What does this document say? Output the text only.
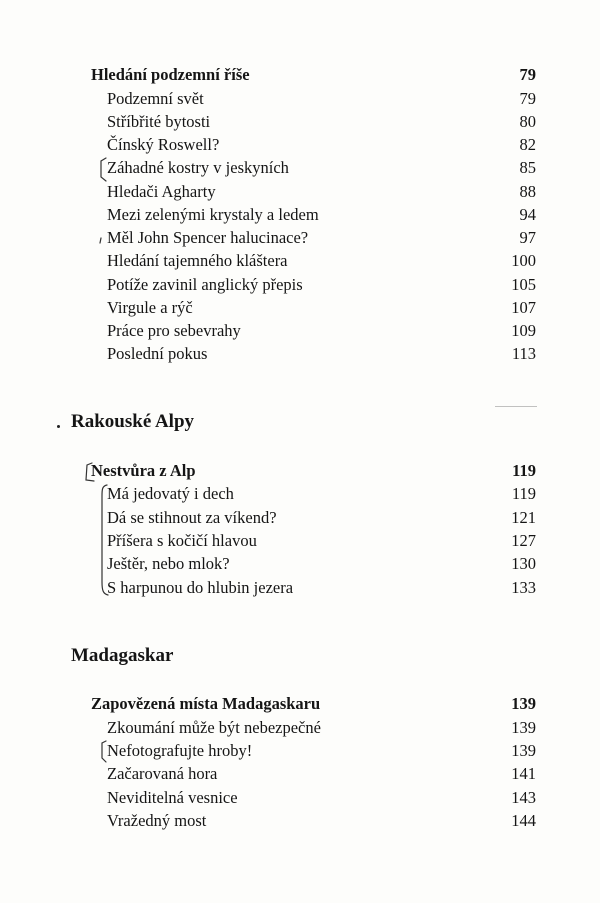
Hledání podzemní říše	79
Podzemní svět	79
Stříbřité bytosti	80
Čínský Roswell?	82
Záhadné kostry v jeskyních	85
Hledači Agharty	88
Mezi zelenými krystaly a ledem	94
Měl John Spencer halucinace?	97
Hledání tajemného kláštera	100
Potíže zavinil anglický přepis	105
Virgule a rýč	107
Práce pro sebevrahy	109
Poslední pokus	113
Rakouské Alpy
Nestvůra z Alp	119
Má jedovatý i dech	119
Dá se stihnout za víkend?	121
Příšera s kočičí hlavou	127
Ještěr, nebo mlok?	130
S harpunou do hlubin jezera	133
Madagaskar
Zapovězená místa Madagaskaru	139
Zkoumání může být nebezpečné	139
Nefotografujte hroby!	139
Začarovaná hora	141
Neviditelná vesnice	143
Vražedný most	144
